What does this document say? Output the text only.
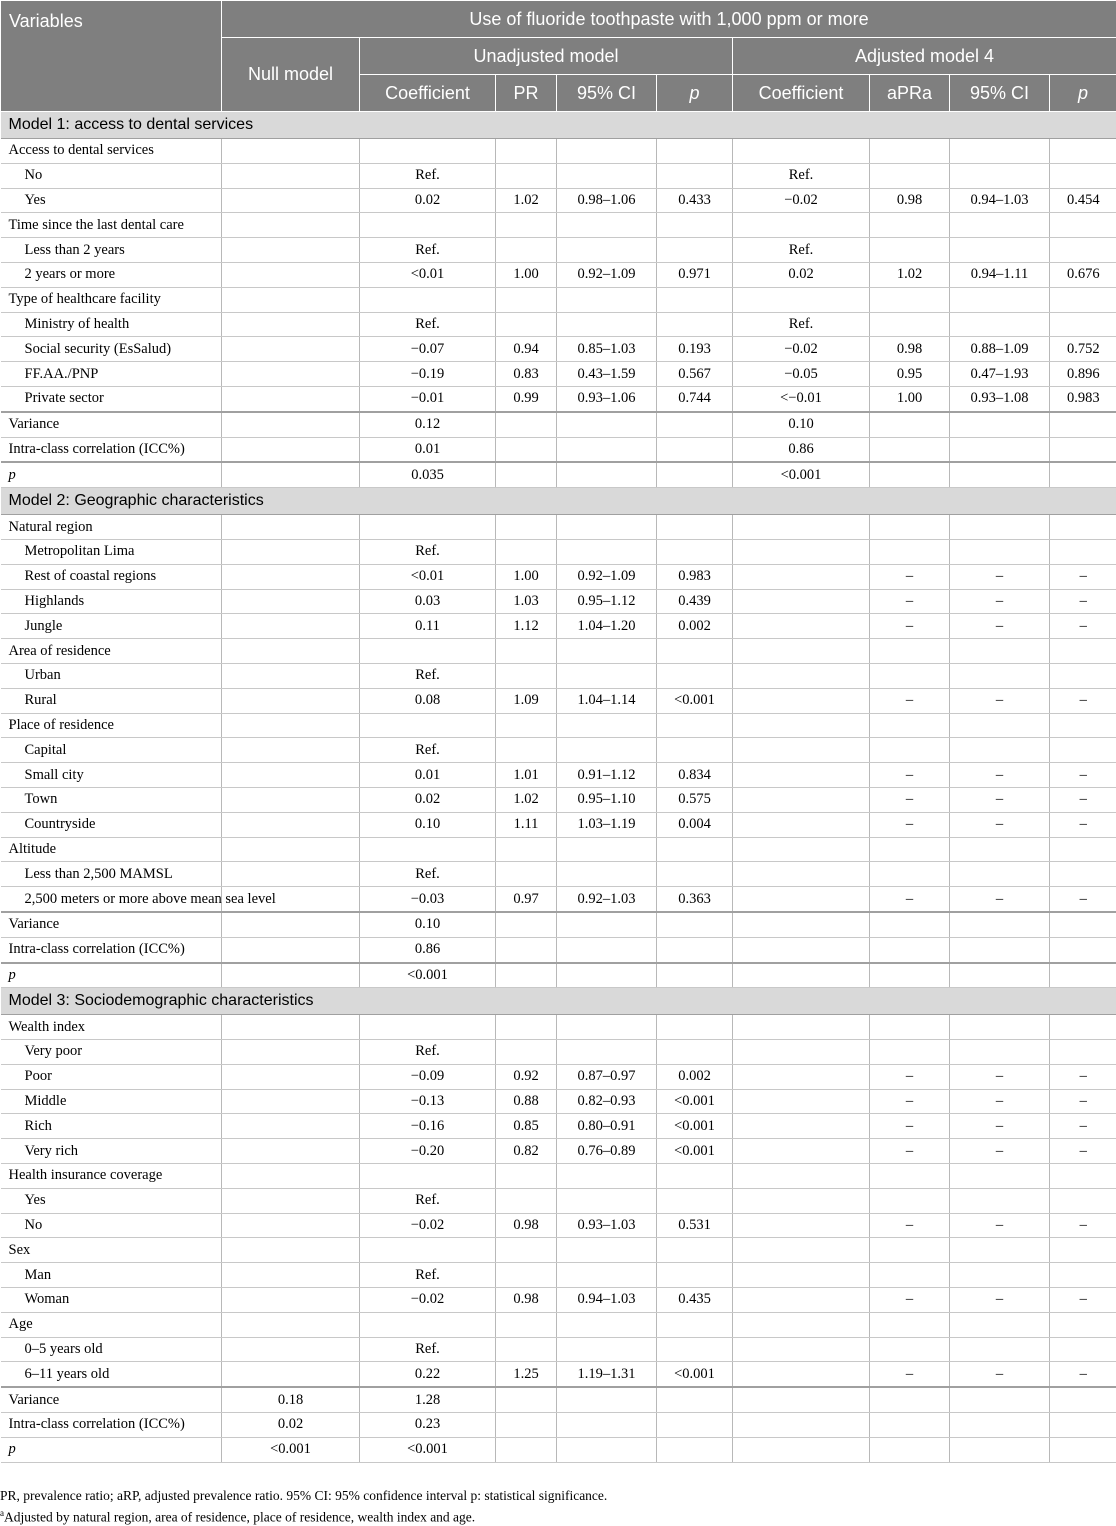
Variables	Use of fluoride toothpaste with 1,000 ppm or more								
	Null model	Unadjusted model				Adjusted model 4			
		Coefficient	PR	95% CI	p	Coefficient	aPRa	95% CI	p
Model 1: access to dental services									
Access to dental services									
No		Ref.				Ref.			
Yes		0.02	1.02	0.98–1.06	0.433	−0.02	0.98	0.94–1.03	0.454
Time since the last dental care									
Less than 2 years		Ref.				Ref.			
2 years or more		<0.01	1.00	0.92–1.09	0.971	0.02	1.02	0.94–1.11	0.676
Type of healthcare facility									
Ministry of health		Ref.				Ref.			
Social security (EsSalud)		−0.07	0.94	0.85–1.03	0.193	−0.02	0.98	0.88–1.09	0.752
FF.AA./PNP		−0.19	0.83	0.43–1.59	0.567	−0.05	0.95	0.47–1.93	0.896
Private sector		−0.01	0.99	0.93–1.06	0.744	<−0.01	1.00	0.93–1.08	0.983
Variance		0.12				0.10			
Intra-class correlation (ICC%)		0.01				0.86			
p		0.035				<0.001			
Model 2: Geographic characteristics									
Natural region									
Metropolitan Lima		Ref.							
Rest of coastal regions		<0.01	1.00	0.92–1.09	0.983		–	–	–
Highlands		0.03	1.03	0.95–1.12	0.439		–	–	–
Jungle		0.11	1.12	1.04–1.20	0.002		–	–	–
Area of residence									
Urban		Ref.							
Rural		0.08	1.09	1.04–1.14	<0.001		–	–	–
Place of residence									
Capital		Ref.							
Small city		0.01	1.01	0.91–1.12	0.834		–	–	–
Town		0.02	1.02	0.95–1.10	0.575		–	–	–
Countryside		0.10	1.11	1.03–1.19	0.004		–	–	–
Altitude									
Less than 2,500 MAMSL		Ref.							
2,500 meters or more above mean sea level		−0.03	0.97	0.92–1.03	0.363		–	–	–
Variance		0.10							
Intra-class correlation (ICC%)		0.86							
p		<0.001							
Model 3: Sociodemographic characteristics									
Wealth index									
Very poor		Ref.							
Poor		−0.09	0.92	0.87–0.97	0.002		–	–	–
Middle		−0.13	0.88	0.82–0.93	<0.001		–	–	–
Rich		−0.16	0.85	0.80–0.91	<0.001		–	–	–
Very rich		−0.20	0.82	0.76–0.89	<0.001		–	–	–
Health insurance coverage									
Yes		Ref.							
No		−0.02	0.98	0.93–1.03	0.531		–	–	–
Sex									
Man		Ref.							
Woman		−0.02	0.98	0.94–1.03	0.435		–	–	–
Age									
0–5 years old		Ref.							
6–11 years old		0.22	1.25	1.19–1.31	<0.001		–	–	–
Variance	0.18	1.28							
Intra-class correlation (ICC%)	0.02	0.23							
p	<0.001	<0.001							
PR, prevalence ratio; aRP, adjusted prevalence ratio. 95% CI: 95% confidence interval p: statistical significance.
$^a$Adjusted by natural region, area of residence, place of residence, wealth index and age.
